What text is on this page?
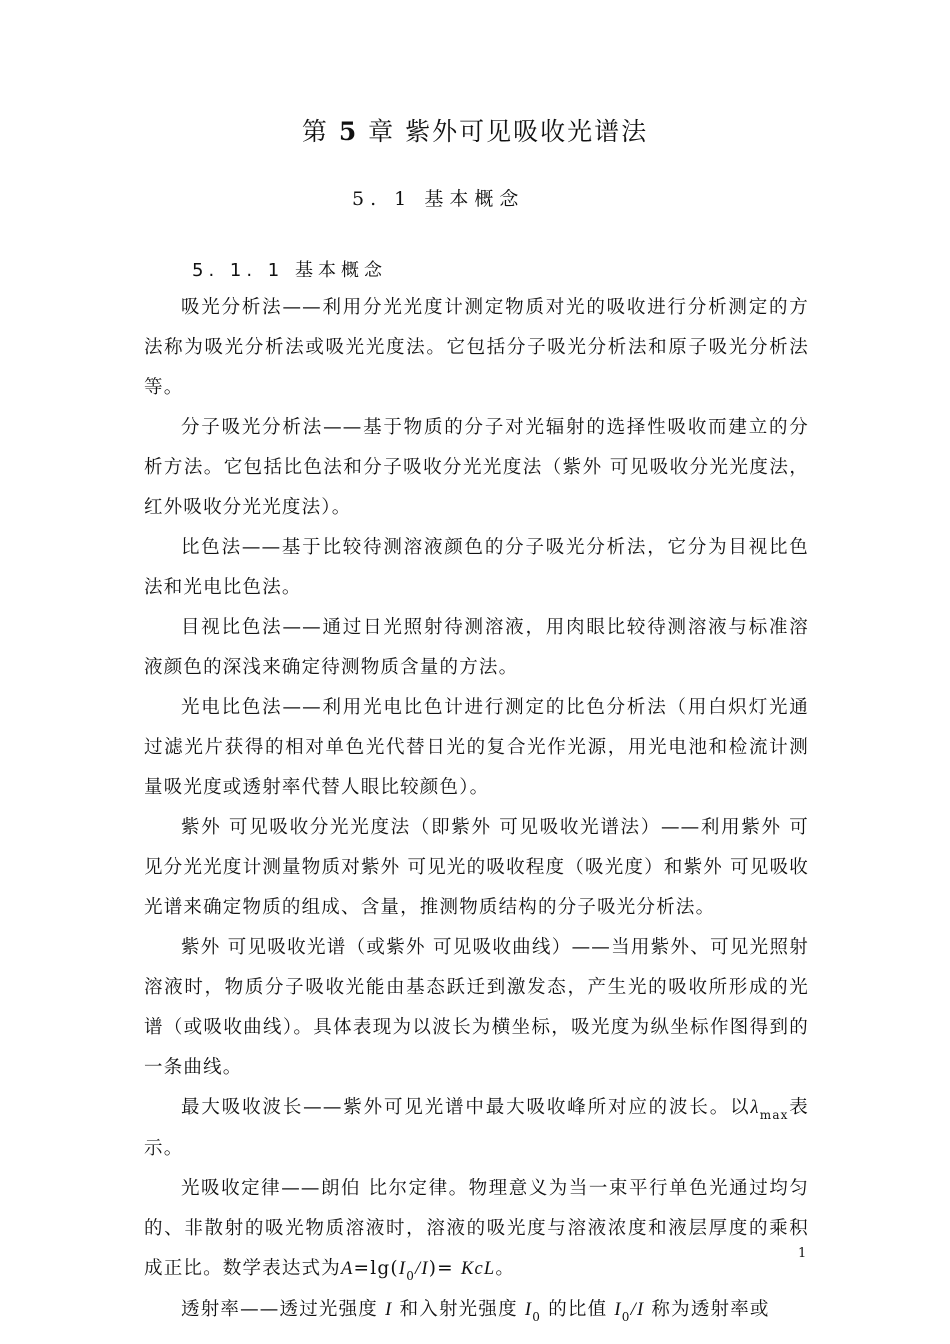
第 5 章 紫外可见吸收光谱法
5. 1 基本概念
5. 1. 1 基本概念

吸光分析法——利用分光光度计测定物质对光的吸收进行分析测定的方法称为吸光分析法或吸光光度法。它包括分子吸光分析法和原子吸光分析法等。

分子吸光分析法——基于物质的分子对光辐射的选择性吸收而建立的分析方法。它包括比色法和分子吸收分光光度法（紫外 可见吸收分光光度法，红外吸收分光光度法）。

比色法——基于比较待测溶液颜色的分子吸光分析法，它分为目视比色法和光电比色法。

目视比色法——通过日光照射待测溶液，用肉眼比较待测溶液与标准溶液颜色的深浅来确定待测物质含量的方法。

光电比色法——利用光电比色计进行测定的比色分析法（用白炽灯光通过滤光片获得的相对单色光代替日光的复合光作光源，用光电池和检流计测量吸光度或透射率代替人眼比较颜色）。

紫外 可见吸收分光光度法（即紫外 可见吸收光谱法）——利用紫外 可见分光光度计测量物质对紫外 可见光的吸收程度（吸光度）和紫外 可见吸收光谱来确定物质的组成、含量，推测物质结构的分子吸光分析法。

紫外 可见吸收光谱（或紫外 可见吸收曲线）——当用紫外、可见光照射溶液时，物质分子吸收光能由基态跃迁到激发态，产生光的吸收所形成的光谱（或吸收曲线）。具体表现为以波长为横坐标，吸光度为纵坐标作图得到的一条曲线。

最大吸收波长——紫外可见光谱中最大吸收峰所对应的波长。以$\lambda_{max}$表示。

光吸收定律——朗伯 比尔定律。物理意义为当一束平行单色光通过均匀的、非散射的吸光物质溶液时，溶液的吸光度与溶液浓度和液层厚度的乘积成正比。数学表达式为$A=\lg(I_0/I)=$ KcL。

透射率——透过光强度 I 和入射光强度 $I_0$ 的比值 $I_0/I$ 称为透射率或

1
